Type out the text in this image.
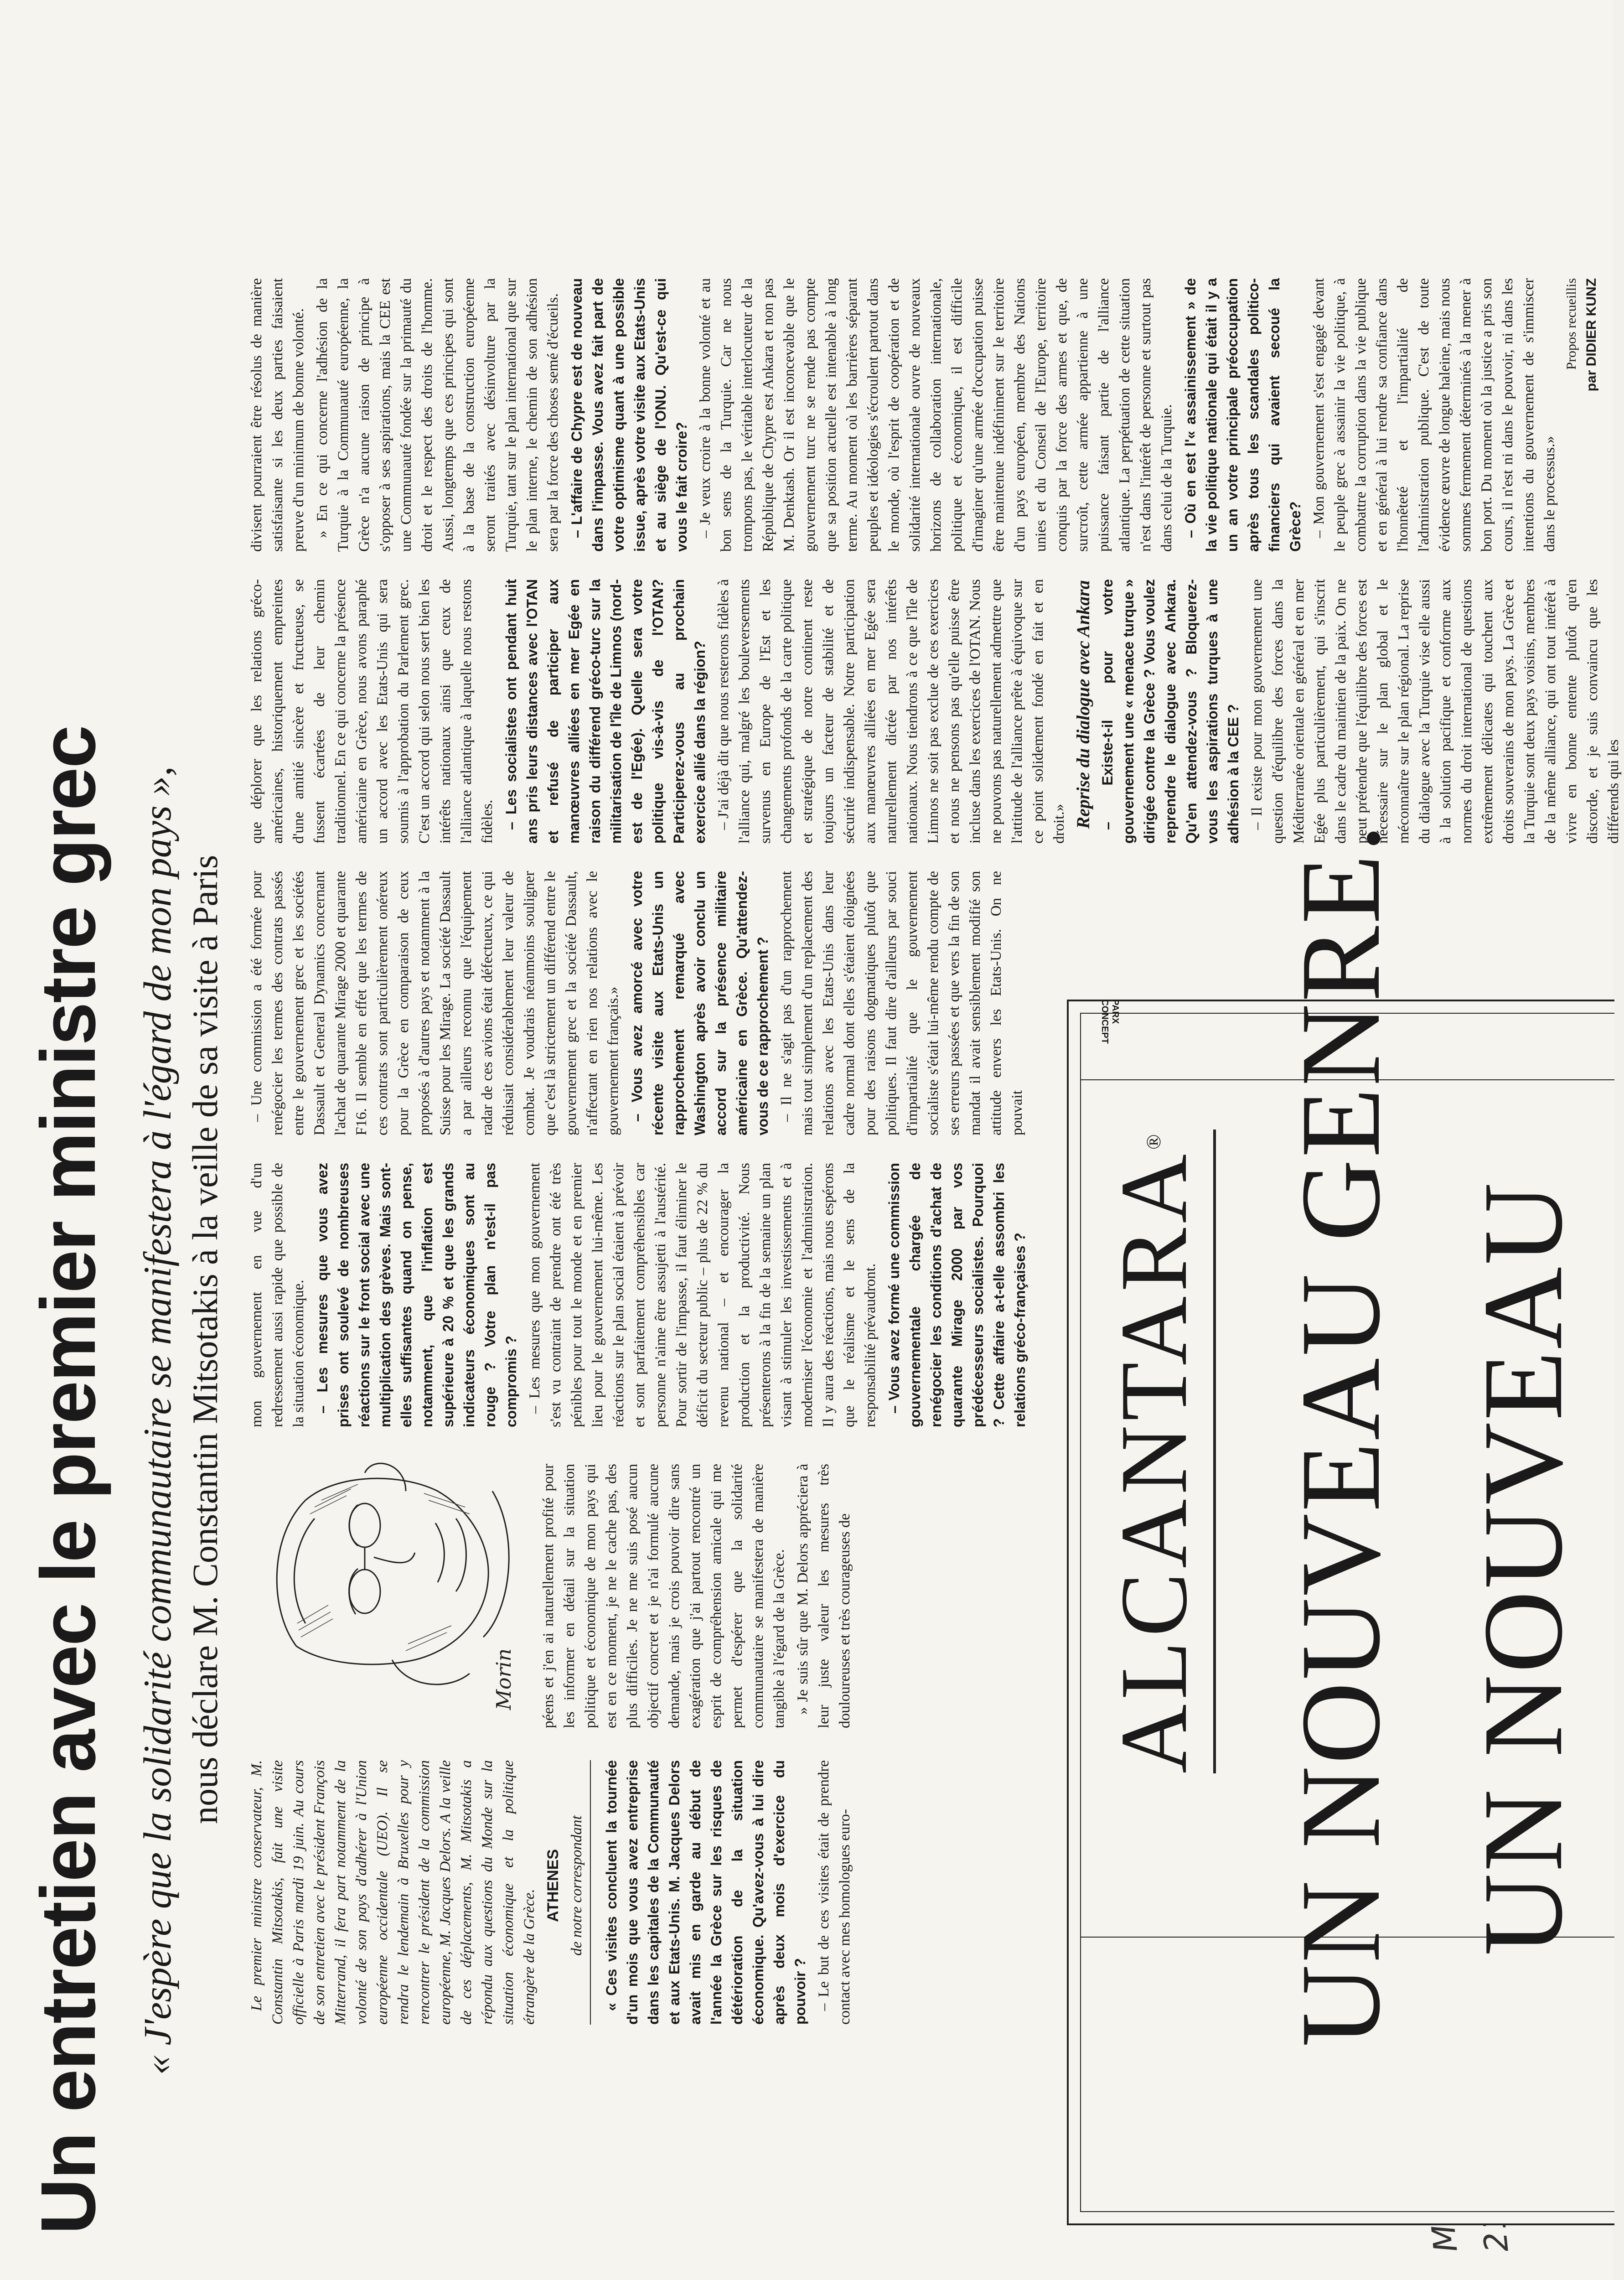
Un entretien avec le premier ministre grec « J'espère que la solidarité communautaire se manifestera à l'égard de mon pays », nous déclare M. Constantin Mitsotakis à la veille de sa visite à Paris

Le premier ministre conservateur, M. Constantin Mitsotakis, fait une visite officielle à Paris mardi 19 juin. Au cours de son entretien avec le président François Mitterrand, il fera part notamment de la volonté de son pays d'adhérer à l'Union européenne occidentale (UEO). Il se rendra le lendemain à Bruxelles pour y rencontrer le président de la commission européenne, M. Jacques Delors. A la veille de ces déplacements, M. Mitsotakis a répondu aux questions du Monde sur la situation économique et la politique étrangère de la Grèce.

ATHENES de notre correspondant	« Ces visites concluent la tournée d'un mois que vous avez entreprise dans les capitales de la Communauté et aux Etats-Unis. M. Jacques Delors avait mis en garde au début de l'année la Grèce sur les risques de détérioration de la situation économique. Qu'avez-vous à lui dire après deux mois d'exercice du pouvoir ? – Le but de ces visites était de prendre contact avec mes homologues euro-

Morin péens et j'en ai naturellement profité pour les informer en détail sur la situation politique et économique de mon pays qui est en ce moment, je ne le cache pas, des plus difficiles. Je ne me suis posé aucun objectif concret et je n'ai formulé aucune demande, mais je crois pouvoir dire sans exagération que j'ai partout rencontré un esprit de compréhension amicale qui me permet d'espérer que la solidarité communautaire se manifestera de manière tangible à l'égard de la Grèce. » Je suis sûr que M. Delors appréciera à leur juste valeur les mesures très douloureuses et très courageuses de

mon gouvernement en vue d'un redressement aussi rapide que possible de la situation économique. – Les mesures que vous avez prises ont soulevé de nombreuses réactions sur le front social avec une multiplication des grèves. Mais sont-elles suffisantes quand on pense, notamment, que l'inflation est supérieure à 20 % et que les grands indicateurs économiques sont au rouge ? Votre plan n'est-il pas compromis ? – Les mesures que mon gouvernement s'est vu contraint de prendre ont été très pénibles pour tout le monde et en premier lieu pour le gouvernement lui-même. Les réactions sur le plan social étaient à prévoir et sont parfaitement compréhensibles car personne n'aime être assujetti à l'austérité. Pour sortir de l'impasse, il faut éliminer le déficit du secteur public – plus de 22 % du revenu national – et encourager la production et la productivité. Nous présenterons à la fin de la semaine un plan visant à stimuler les investissements et à moderniser l'économie et l'administration. Il y aura des réactions, mais nous espérons que le réalisme et le sens de la responsabilité prévaudront. – Vous avez formé une commission gouvernementale chargée de renégocier les conditions d'achat de quarante Mirage 2000 par vos prédécesseurs socialistes. Pourquoi ? Cette affaire a-t-elle assombri les relations gréco-françaises ?

– Une commission a été formée pour renégocier les termes des contrats passés entre le gouvernement grec et les sociétés Dassault et General Dynamics concernant l'achat de quarante Mirage 2000 et quarante F16. Il semble en effet que les termes de ces contrats sont particulièrement onéreux pour la Grèce en comparaison de ceux proposés à d'autres pays et notamment à la Suisse pour les Mirage. La société Dassault a par ailleurs reconnu que l'équipement radar de ces avions était défectueux, ce qui réduisait considérablement leur valeur de combat. Je voudrais néanmoins souligner que c'est là strictement un différend entre le gouvernement grec et la société Dassault, n'affectant en rien nos relations avec le gouvernement français.» – Vous avez amorcé avec votre récente visite aux Etats-Unis un rapprochement remarqué avec Washington après avoir conclu un accord sur la présence militaire américaine en Grèce. Qu'attendez-vous de ce rapprochement ? – Il ne s'agit pas d'un rapprochement mais tout simplement d'un replacement des relations avec les Etats-Unis dans leur cadre normal dont elles s'étaient éloignées pour des raisons dogmatiques plutôt que politiques. Il faut dire d'ailleurs par souci d'impartialité que le gouvernement socialiste s'était lui-même rendu compte de ses erreurs passées et que vers la fin de son mandat il avait sensiblement modifié son attitude envers les Etats-Unis. On ne pouvait

que déplorer que les relations gréco-américaines, historiquement empreintes d'une amitié sincère et fructueuse, se fussent écartées de leur chemin traditionnel. En ce qui concerne la présence américaine en Grèce, nous avons paraphé un accord avec les Etats-Unis qui sera soumis à l'approbation du Parlement grec. C'est un accord qui selon nous sert bien les intérêts nationaux ainsi que ceux de l'alliance atlantique à laquelle nous restons fidèles. – Les socialistes ont pendant huit ans pris leurs distances avec l'OTAN et refusé de participer aux manœuvres alliées en mer Egée en raison du différend gréco-turc sur la militarisation de l'île de Limnos (nord-est de l'Egée). Quelle sera votre politique vis-à-vis de l'OTAN? Participerez-vous au prochain exercice allié dans la région? – J'ai déjà dit que nous resterons fidèles à l'alliance qui, malgré les bouleversements survenus en Europe de l'Est et les changements profonds de la carte politique et stratégique de notre continent reste toujours un facteur de stabilité et de sécurité indispensable. Notre participation aux manœuvres alliées en mer Egée sera naturellement dictée par nos intérêts nationaux. Nous tiendrons à ce que l'île de Limnos ne soit pas exclue de ces exercices et nous ne pensons pas qu'elle puisse être incluse dans les exercices de l'OTAN. Nous ne pouvons pas naturellement admettre que l'attitude de l'alliance prête à équivoque sur ce point solidement fondé en fait et en droit.» Reprise du dialogue avec Ankara – Existe-t-il pour votre gouvernement une « menace turque » dirigée contre la Grèce ? Vous voulez reprendre le dialogue avec Ankara. Qu'en attendez-vous ? Bloquerez-vous les aspirations turques à une adhésion à la CEE ? – Il existe pour mon gouvernement une question d'équilibre des forces dans la Méditerranée orientale en général et en mer Egée plus particulièrement, qui s'inscrit dans le cadre du maintien de la paix. On ne peut prétendre que l'équilibre des forces est nécessaire sur le plan global et le méconnaître sur le plan régional. La reprise du dialogue avec la Turquie vise elle aussi à la solution pacifique et conforme aux normes du droit international de questions extrêmement délicates qui touchent aux droits souverains de mon pays. La Grèce et la Turquie sont deux pays voisins, membres de la même alliance, qui ont tout intérêt à vivre en bonne entente plutôt qu'en discorde, et je suis convaincu que les différends qui les

divisent pourraient être résolus de manière satisfaisante si les deux parties faisaient preuve d'un minimum de bonne volonté. » En ce qui concerne l'adhésion de la Turquie à la Communauté européenne, la Grèce n'a aucune raison de principe à s'opposer à ses aspirations, mais la CEE est une Communauté fondée sur la primauté du droit et le respect des droits de l'homme. Aussi, longtemps que ces principes qui sont à la base de la construction européenne seront traités avec désinvolture par la Turquie, tant sur le plan international que sur le plan interne, le chemin de son adhésion sera par la force des choses semé d'écueils. – L'affaire de Chypre est de nouveau dans l'impasse. Vous avez fait part de votre optimisme quant à une possible issue, après votre visite aux Etats-Unis et au siège de l'ONU. Qu'est-ce qui vous le fait croire? – Je veux croire à la bonne volonté et au bon sens de la Turquie. Car ne nous trompons pas, le véritable interlocuteur de la République de Chypre est Ankara et non pas M. Denktash. Or il est inconcevable que le gouvernement turc ne se rende pas compte que sa position actuelle est intenable à long terme. Au moment où les barrières séparant peuples et idéologies s'écroulent partout dans le monde, où l'esprit de coopération et de solidarité internationale ouvre de nouveaux horizons de collaboration internationale, politique et économique, il est difficile d'imaginer qu'une armée d'occupation puisse être maintenue indéfiniment sur le territoire d'un pays européen, membre des Nations unies et du Conseil de l'Europe, territoire conquis par la force des armes et que, de surcroît, cette armée appartienne à une puissance faisant partie de l'alliance atlantique. La perpétuation de cette situation n'est dans l'intérêt de personne et surtout pas dans celui de la Turquie. – Où en est l'« assainissement » de la vie politique nationale qui était il y a un an votre principale préoccupation après tous les scandales politico-financiers qui avaient secoué la Grèce? – Mon gouvernement s'est engagé devant le peuple grec à assainir la vie politique, à combattre la corruption dans la vie publique et en général à lui rendre sa confiance dans l'honnêteté et l'impartialité de l'administration publique. C'est de toute évidence œuvre de longue haleine, mais nous sommes fermement déterminés à la mener à bon port. Du moment où la justice a pris son cours, il n'est ni dans le pouvoir, ni dans les intentions du gouvernement de s'immiscer dans le processus.»

Propos recueillis par DIDIER KUNZ

ALCANTARA® UN NOUVEAU GENRE. UN NOUVEAU
PARX CONCEPT
